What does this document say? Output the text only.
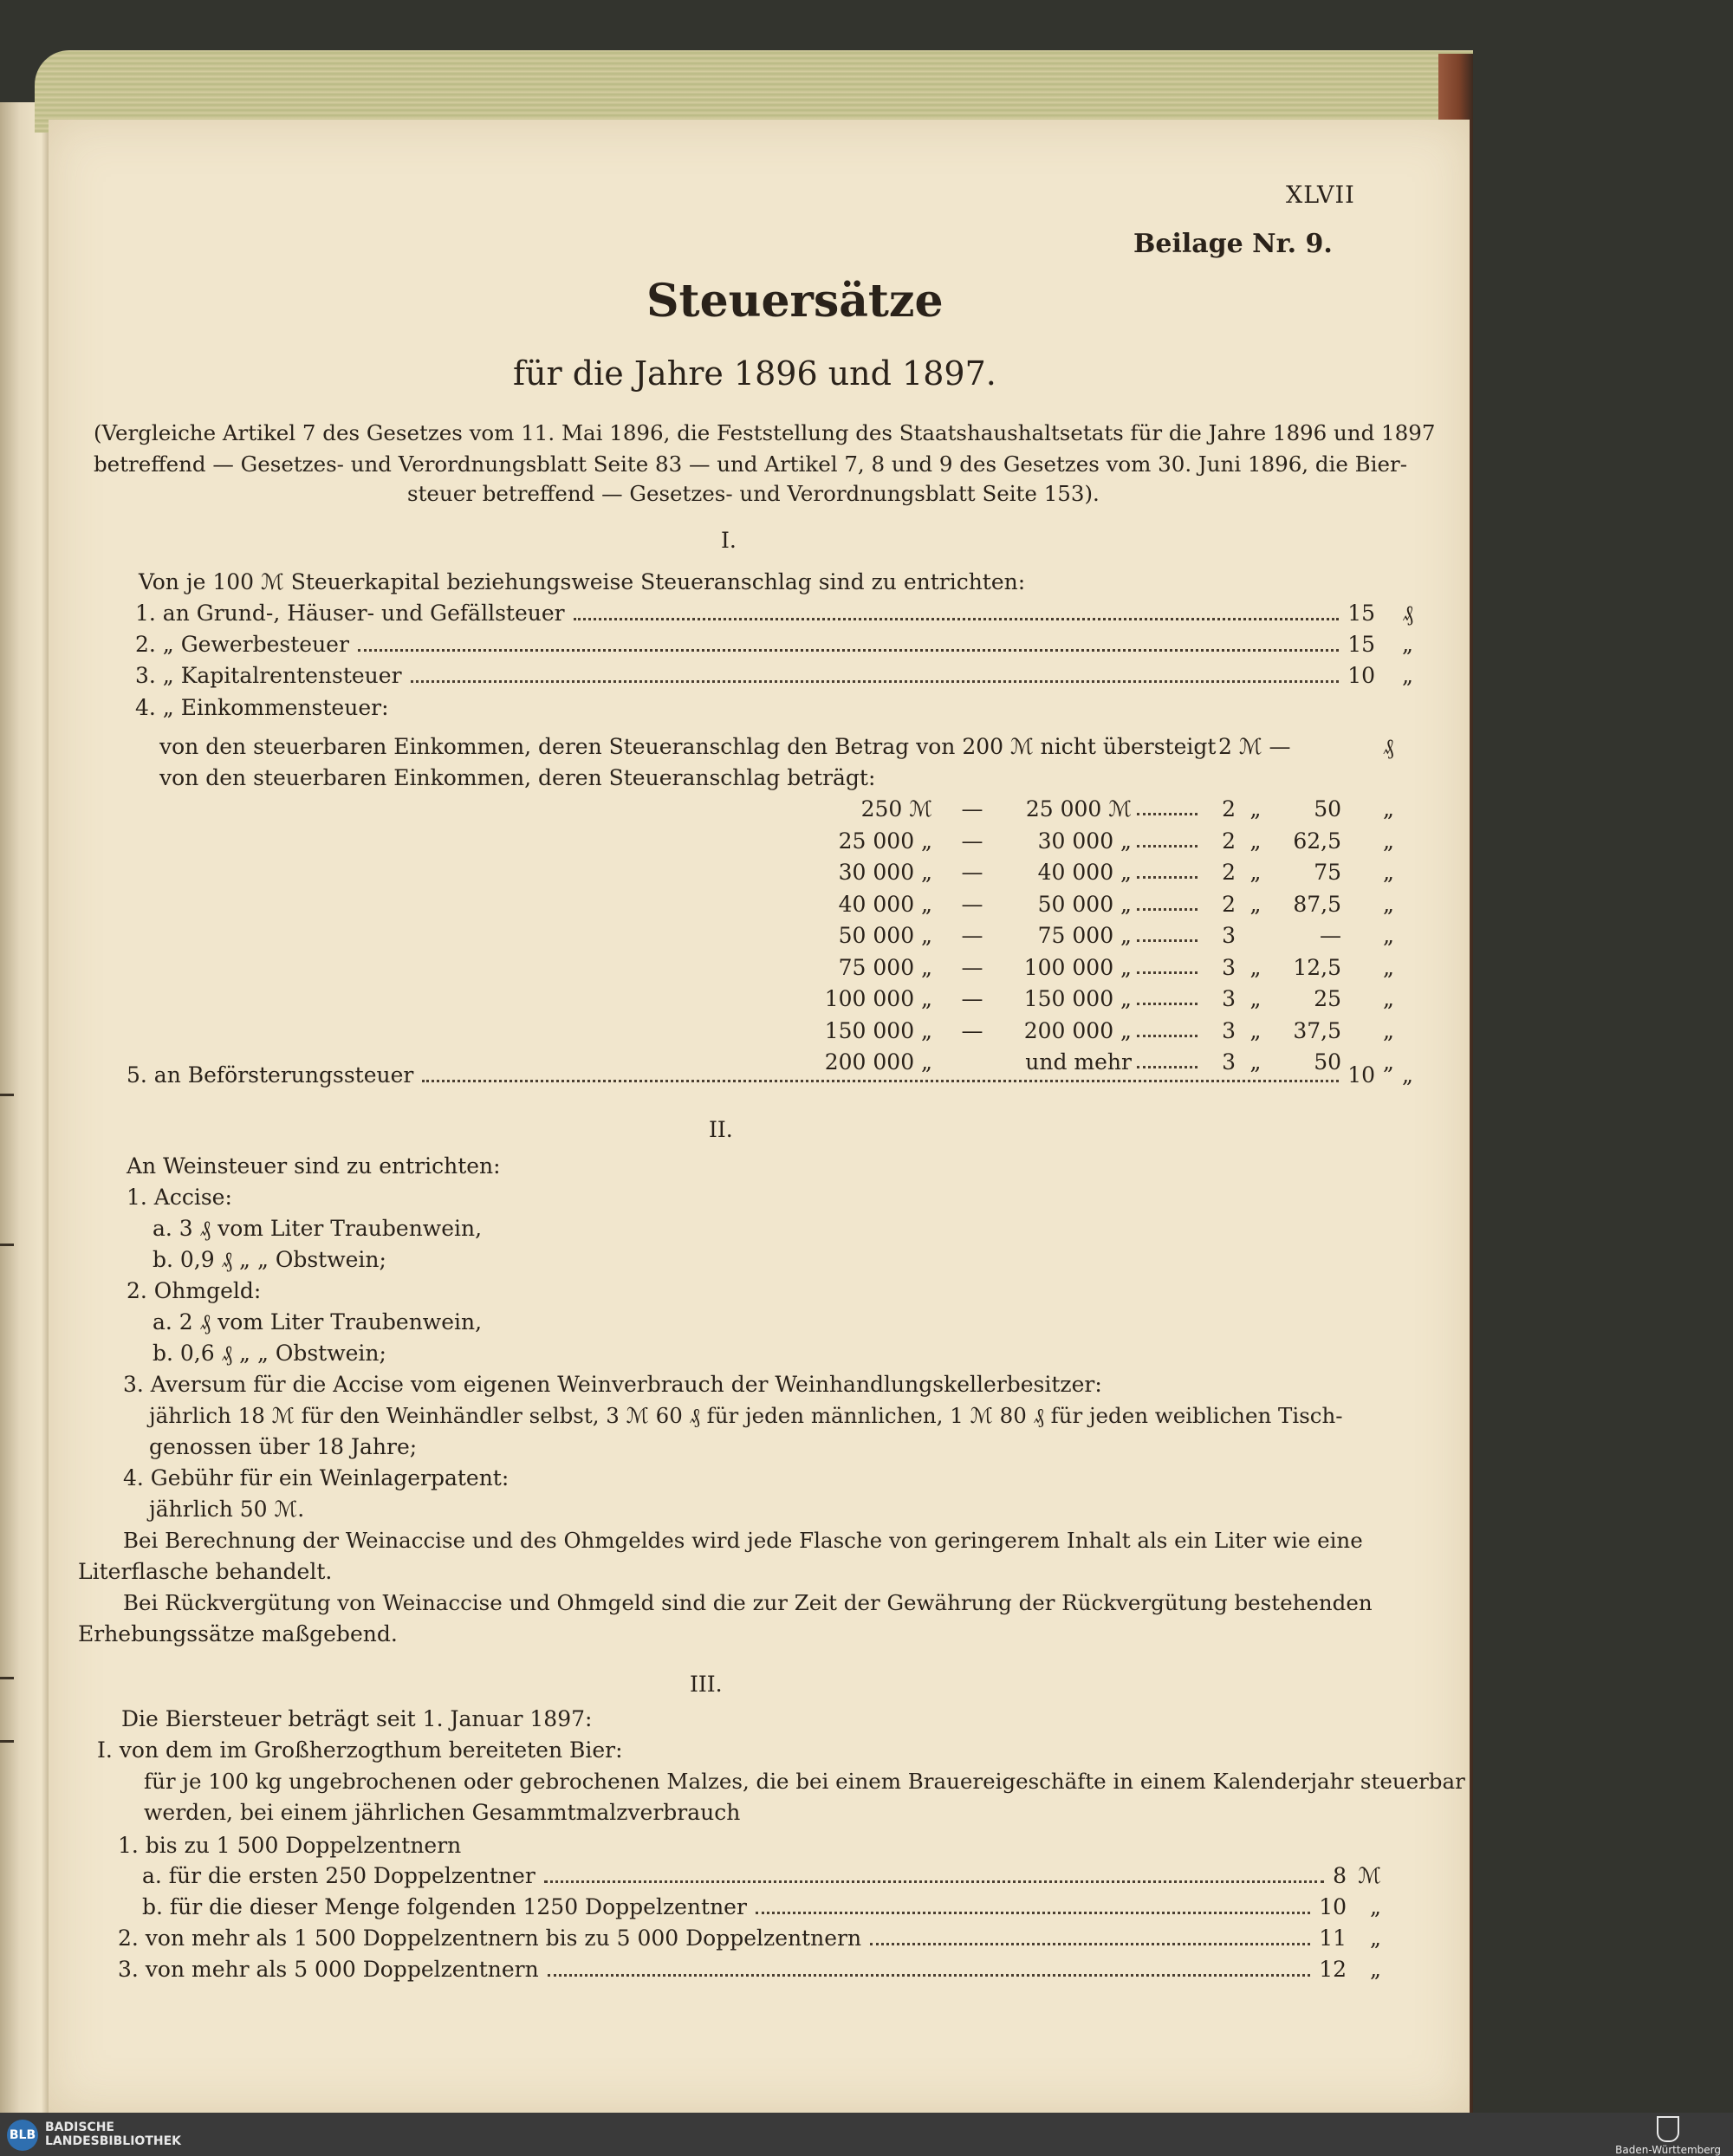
XLVII
Beilage Nr. 9.
Steuersätze
für die Jahre 1896 und 1897.
(Vergleiche Artikel 7 des Gesetzes vom 11. Mai 1896, die Feststellung des Staatshaushaltsetats für die Jahre 1896 und 1897
betreffend — Gesetzes- und Verordnungsblatt Seite 83 — und Artikel 7, 8 und 9 des Gesetzes vom 30. Juni 1896, die Bier-
steuer betreffend — Gesetzes- und Verordnungsblatt Seite 153).
I.
Von je 100 ℳ Steuerkapital beziehungsweise Steueranschlag sind zu entrichten:
1. an Grund-, Häuser- und Gefällsteuer	15	₰
2. „ Gewerbesteuer	15	„
3. „ Kapitalrentensteuer	10	„
4. „ Einkommensteuer:
von den steuerbaren Einkommen, deren Steueranschlag den Betrag von 200 ℳ nicht übersteigt 2 ℳ —	₰
von den steuerbaren Einkommen, deren Steueranschlag beträgt:
250 ℳ	—	25 000 ℳ	2 „	50 „
25 000 „	—	30 000 „	2 „	62,5 „
30 000 „	—	40 000 „	2 „	75 „
40 000 „	—	50 000 „	2 „	87,5 „
50 000 „	—	75 000 „	3	— „
75 000 „	—	100 000 „	3 „	12,5 „
100 000 „	—	150 000 „	3 „	25 „
150 000 „	—	200 000 „	3 „	37,5 „
200 000 „	und mehr	3 „	50 „
5. an Beförsterungssteuer	10	„
II.
An Weinsteuer sind zu entrichten:
1. Accise:
a. 3 ₰ vom Liter Traubenwein,
b. 0,9 ₰ „ „ Obstwein;
2. Ohmgeld:
a. 2 ₰ vom Liter Traubenwein,
b. 0,6 ₰ „ „ Obstwein;
3. Aversum für die Accise vom eigenen Weinverbrauch der Weinhandlungskellerbesitzer:
jährlich 18 ℳ für den Weinhändler selbst, 3 ℳ 60 ₰ für jeden männlichen, 1 ℳ 80 ₰ für jeden weiblichen Tisch-
genossen über 18 Jahre;
4. Gebühr für ein Weinlagerpatent:
jährlich 50 ℳ.
Bei Berechnung der Weinaccise und des Ohmgeldes wird jede Flasche von geringerem Inhalt als ein Liter wie eine
Literflasche behandelt.
Bei Rückvergütung von Weinaccise und Ohmgeld sind die zur Zeit der Gewährung der Rückvergütung bestehenden
Erhebungssätze maßgebend.
III.
Die Biersteuer beträgt seit 1. Januar 1897:
I. von dem im Großherzogthum bereiteten Bier:
für je 100 kg ungebrochenen oder gebrochenen Malzes, die bei einem Brauereigeschäfte in einem Kalenderjahr steuerbar
werden, bei einem jährlichen Gesammtmalzverbrauch
1. bis zu 1 500 Doppelzentnern
a. für die ersten 250 Doppelzentner	8 ℳ
b. für die dieser Menge folgenden 1250 Doppelzentner	10	„
2. von mehr als 1 500 Doppelzentnern bis zu 5 000 Doppelzentnern	11	„
3. von mehr als 5 000 Doppelzentnern	12	„
BLB
BADISCHE
LANDESBIBLIOTHEK
Baden-Württemberg
